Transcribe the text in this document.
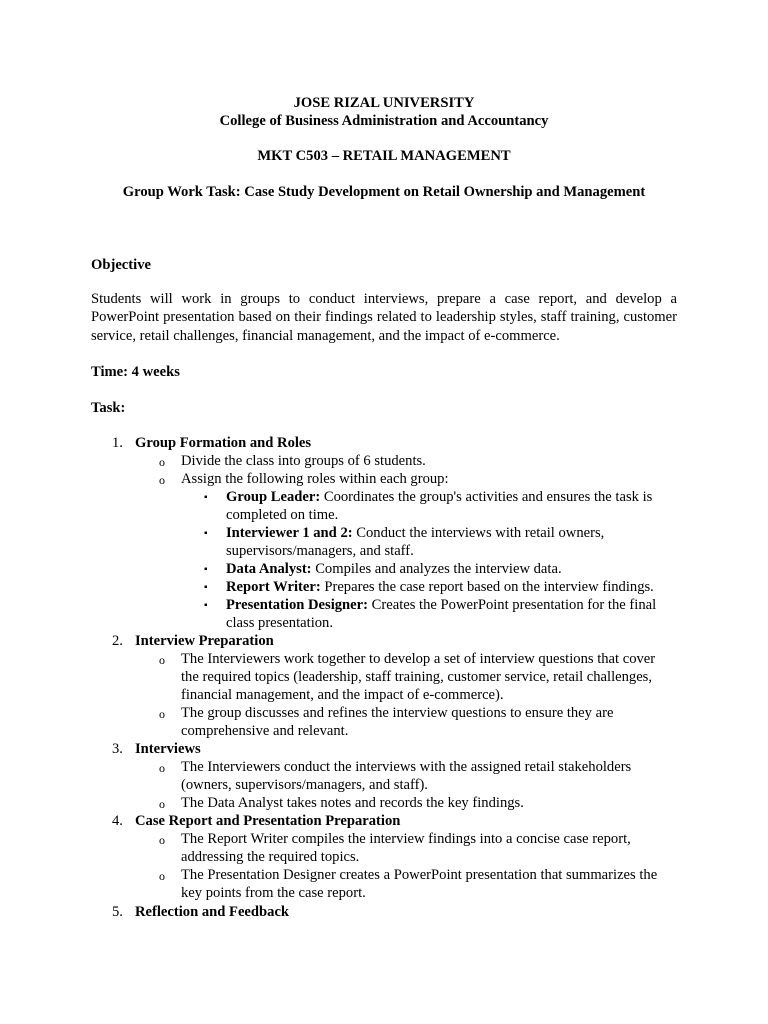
JOSE RIZAL UNIVERSITY
College of Business Administration and Accountancy
MKT C503 – RETAIL MANAGEMENT
Group Work Task: Case Study Development on Retail Ownership and Management
Objective
Students will work in groups to conduct interviews, prepare a case report, and develop a PowerPoint presentation based on their findings related to leadership styles, staff training, customer service, retail challenges, financial management, and the impact of e-commerce.
Time: 4 weeks
Task:
1. Group Formation and Roles
o Divide the class into groups of 6 students.
o Assign the following roles within each group:
▪ Group Leader: Coordinates the group's activities and ensures the task is
completed on time.
▪ Interviewer 1 and 2: Conduct the interviews with retail owners,
supervisors/managers, and staff.
▪ Data Analyst: Compiles and analyzes the interview data.
▪ Report Writer: Prepares the case report based on the interview findings.
▪ Presentation Designer: Creates the PowerPoint presentation for the final
class presentation.
2. Interview Preparation
o The Interviewers work together to develop a set of interview questions that cover
the required topics (leadership, staff training, customer service, retail challenges,
financial management, and the impact of e-commerce).
o The group discusses and refines the interview questions to ensure they are
comprehensive and relevant.
3. Interviews
o The Interviewers conduct the interviews with the assigned retail stakeholders
(owners, supervisors/managers, and staff).
o The Data Analyst takes notes and records the key findings.
4. Case Report and Presentation Preparation
o The Report Writer compiles the interview findings into a concise case report,
addressing the required topics.
o The Presentation Designer creates a PowerPoint presentation that summarizes the
key points from the case report.
5. Reflection and Feedback
